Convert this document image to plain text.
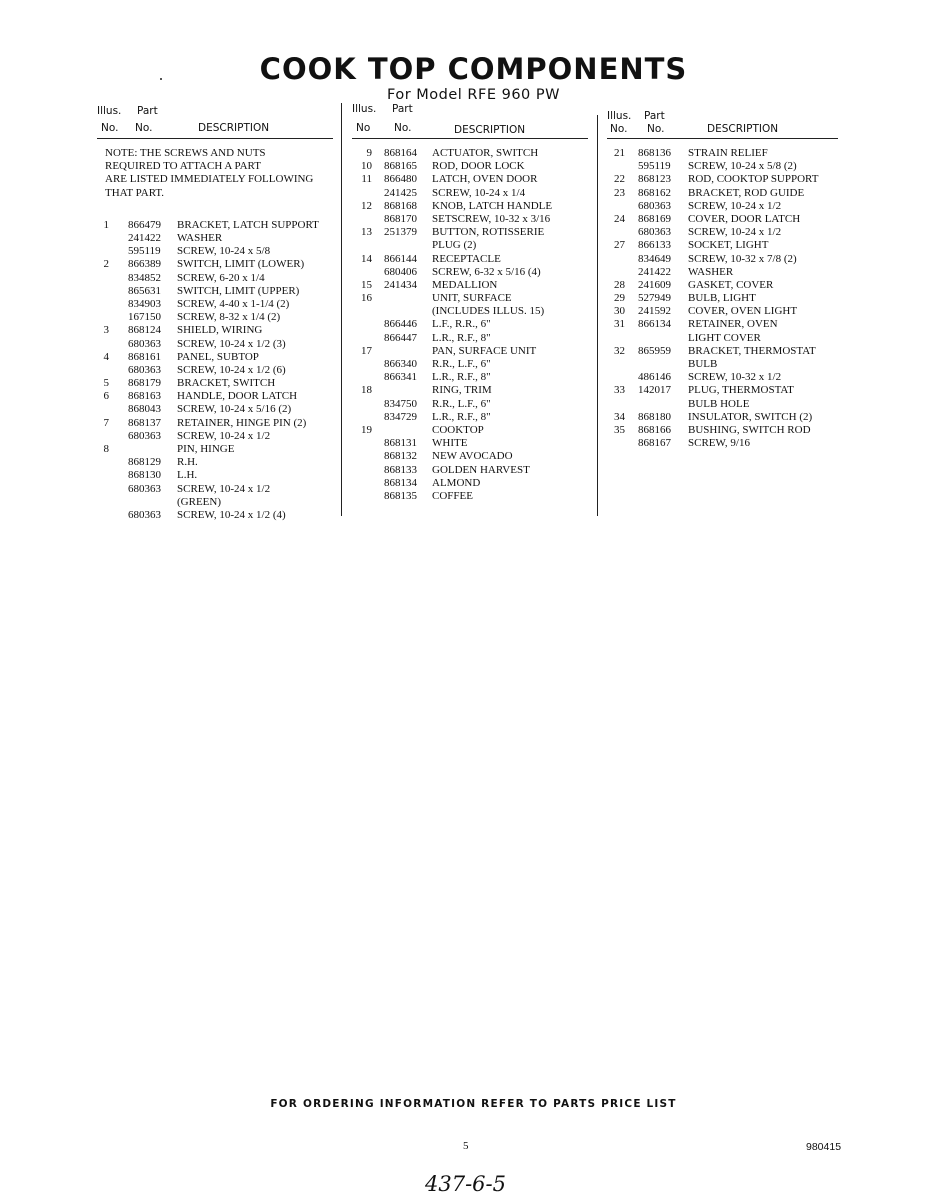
COOK TOP COMPONENTS
For Model RFE 960 PW
Illus. Part
No. No.	DESCRIPTION
NOTE: THE SCREWS AND NUTS
REQUIRED TO ATTACH A PART
ARE LISTED IMMEDIATELY FOLLOWING
THAT PART.
1 866479 BRACKET, LATCH SUPPORT
241422 WASHER
595119 SCREW, 10-24 x 5/8
2 866389 SWITCH, LIMIT (LOWER)
834852 SCREW, 6-20 x 1/4
865631 SWITCH, LIMIT (UPPER)
834903 SCREW, 4-40 x 1-1/4 (2)
167150 SCREW, 8-32 x 1/4 (2)
3 868124 SHIELD, WIRING
680363 SCREW, 10-24 x 1/2 (3)
4 868161 PANEL, SUBTOP
680363 SCREW, 10-24 x 1/2 (6)
5 868179 BRACKET, SWITCH
6 868163 HANDLE, DOOR LATCH
868043 SCREW, 10-24 x 5/16 (2)
7 868137 RETAINER, HINGE PIN (2)
680363 SCREW, 10-24 x 1/2
8	PIN, HINGE
868129 R.H.
868130 L.H.
680363 SCREW, 10-24 x 1/2
(GREEN)
680363 SCREW, 10-24 x 1/2 (4)
Illus. Part
No No.	DESCRIPTION
9 868164 ACTUATOR, SWITCH
10 868165 ROD, DOOR LOCK
11 866480 LATCH, OVEN DOOR
241425 SCREW, 10-24 x 1/4
12 868168 KNOB, LATCH HANDLE
868170 SETSCREW, 10-32 x 3/16
13 251379 BUTTON, ROTISSERIE
PLUG (2)
14 866144 RECEPTACLE
680406 SCREW, 6-32 x 5/16 (4)
15 241434 MEDALLION
16	UNIT, SURFACE
(INCLUDES ILLUS. 15)
866446 L.F., R.R., 6"
866447 L.R., R.F., 8"
17	PAN, SURFACE UNIT
866340 R.R., L.F., 6"
866341 L.R., R.F., 8"
18	RING, TRIM
834750 R.R., L.F., 6"
834729 L.R., R.F., 8"
19	COOKTOP
868131 WHITE
868132 NEW AVOCADO
868133 GOLDEN HARVEST
868134 ALMOND
868135 COFFEE
Illus. Part
No. No.	DESCRIPTION
21 868136 STRAIN RELIEF
595119 SCREW, 10-24 x 5/8 (2)
22 868123 ROD, COOKTOP SUPPORT
23 868162 BRACKET, ROD GUIDE
680363 SCREW, 10-24 x 1/2
24 868169 COVER, DOOR LATCH
680363 SCREW, 10-24 x 1/2
27 866133 SOCKET, LIGHT
834649 SCREW, 10-32 x 7/8 (2)
241422 WASHER
28 241609 GASKET, COVER
29 527949 BULB, LIGHT
30 241592 COVER, OVEN LIGHT
31 866134 RETAINER, OVEN
LIGHT COVER
32 865959 BRACKET, THERMOSTAT
BULB
486146 SCREW, 10-32 x 1/2
33 142017 PLUG, THERMOSTAT
BULB HOLE
34 868180 INSULATOR, SWITCH (2)
35 868166 BUSHING, SWITCH ROD
868167 SCREW, 9/16
FOR ORDERING INFORMATION REFER TO PARTS PRICE LIST
5	980415
437-6-5
